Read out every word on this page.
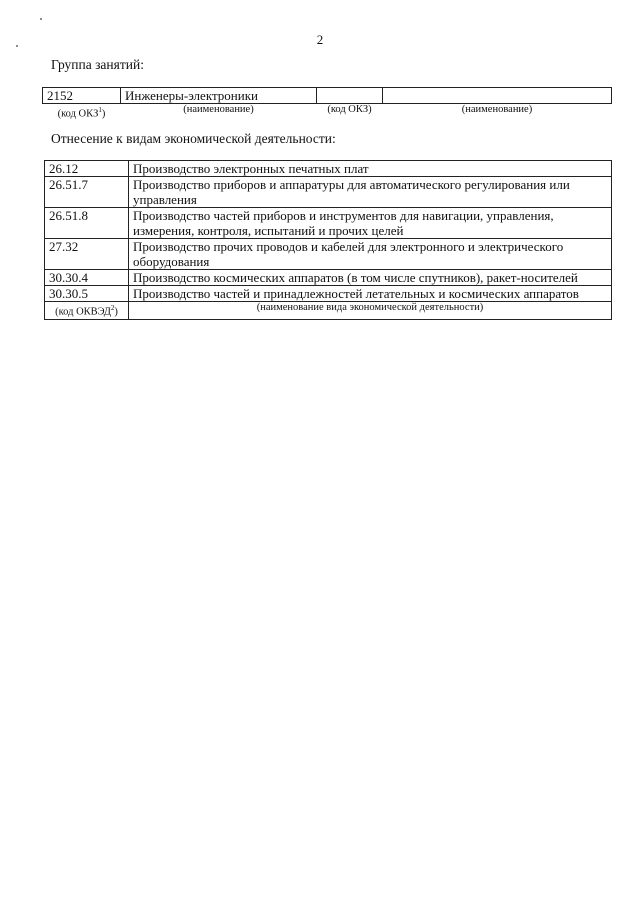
2
Группа занятий:
2152	Инженеры-электроники		
(код ОКЗ$^1$)	(наименование)	(код ОКЗ)	(наименование)
Отнесение к видам экономической деятельности:
26.12	Производство электронных печатных плат
26.51.7	Производство приборов и аппаратуры для автоматического регулирования или управления
26.51.8	Производство частей приборов и инструментов для навигации, управления, измерения, контроля, испытаний и прочих целей
27.32	Производство прочих проводов и кабелей для электронного и электрического оборудования
30.30.4	Производство космических аппаратов (в том числе спутников), ракет-носителей
30.30.5	Производство частей и принадлежностей летательных и космических аппаратов
(код ОКВЭД$^2$)	(наименование вида экономической деятельности)
